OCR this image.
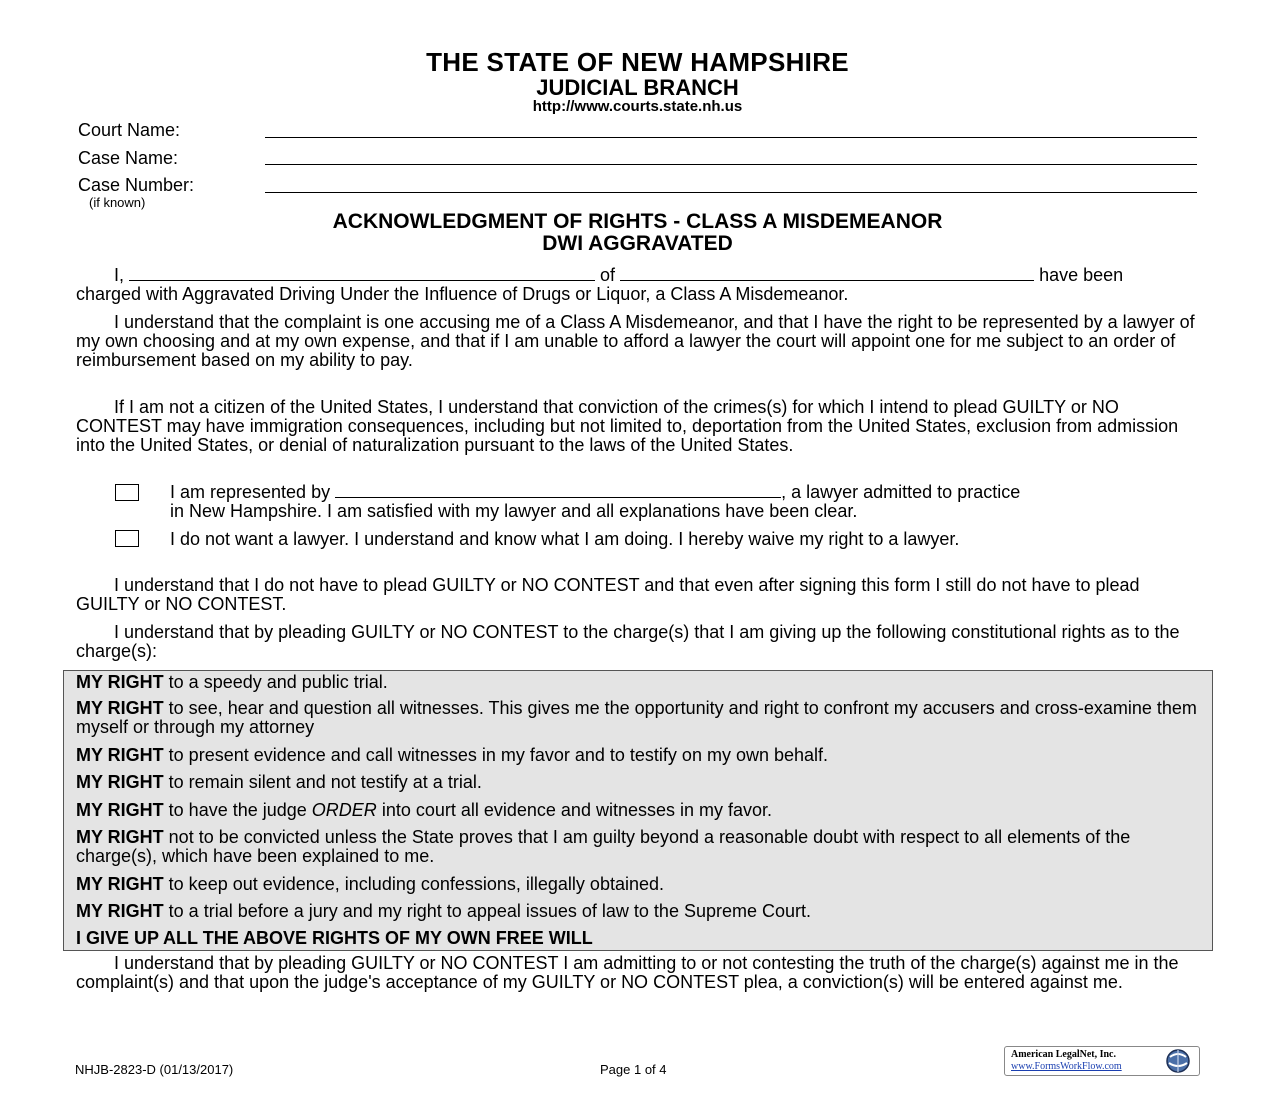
THE STATE OF NEW HAMPSHIRE
JUDICIAL BRANCH
http://www.courts.state.nh.us
Court Name:
Case Name:
Case Number:
(if known)
ACKNOWLEDGMENT OF RIGHTS - CLASS A MISDEMEANOR
DWI AGGRAVATED
I,	of	have been
charged with Aggravated Driving Under the Influence of Drugs or Liquor, a Class A Misdemeanor.
I understand that the complaint is one accusing me of a Class A Misdemeanor, and that I have the right to be represented by a lawyer of my own choosing and at my own expense, and that if I am unable to afford a lawyer the court will appoint one for me subject to an order of reimbursement based on my ability to pay.
If I am not a citizen of the United States, I understand that conviction of the crimes(s) for which I intend to plead GUILTY or NO CONTEST may have immigration consequences, including but not limited to, deportation from the United States, exclusion from admission into the United States, or denial of naturalization pursuant to the laws of the United States.
I am represented by	, a lawyer admitted to practice
in New Hampshire. I am satisfied with my lawyer and all explanations have been clear.
I do not want a lawyer. I understand and know what I am doing. I hereby waive my right to a lawyer.
I understand that I do not have to plead GUILTY or NO CONTEST and that even after signing this form I still do not have to plead GUILTY or NO CONTEST.
I understand that by pleading GUILTY or NO CONTEST to the charge(s) that I am giving up the following constitutional rights as to the charge(s):
MY RIGHT to a speedy and public trial.
MY RIGHT to see, hear and question all witnesses. This gives me the opportunity and right to confront my accusers and cross-examine them myself or through my attorney
MY RIGHT to present evidence and call witnesses in my favor and to testify on my own behalf.
MY RIGHT to remain silent and not testify at a trial.
MY RIGHT to have the judge ORDER into court all evidence and witnesses in my favor.
MY RIGHT not to be convicted unless the State proves that I am guilty beyond a reasonable doubt with respect to all elements of the charge(s), which have been explained to me.
MY RIGHT to keep out evidence, including confessions, illegally obtained.
MY RIGHT to a trial before a jury and my right to appeal issues of law to the Supreme Court.
I GIVE UP ALL THE ABOVE RIGHTS OF MY OWN FREE WILL
I understand that by pleading GUILTY or NO CONTEST I am admitting to or not contesting the truth of the charge(s) against me in the complaint(s) and that upon the judge's acceptance of my GUILTY or NO CONTEST plea, a conviction(s) will be entered against me.
NHJB-2823-D (01/13/2017)	Page 1 of 4
American LegalNet, Inc.
www.FormsWorkFlow.com
